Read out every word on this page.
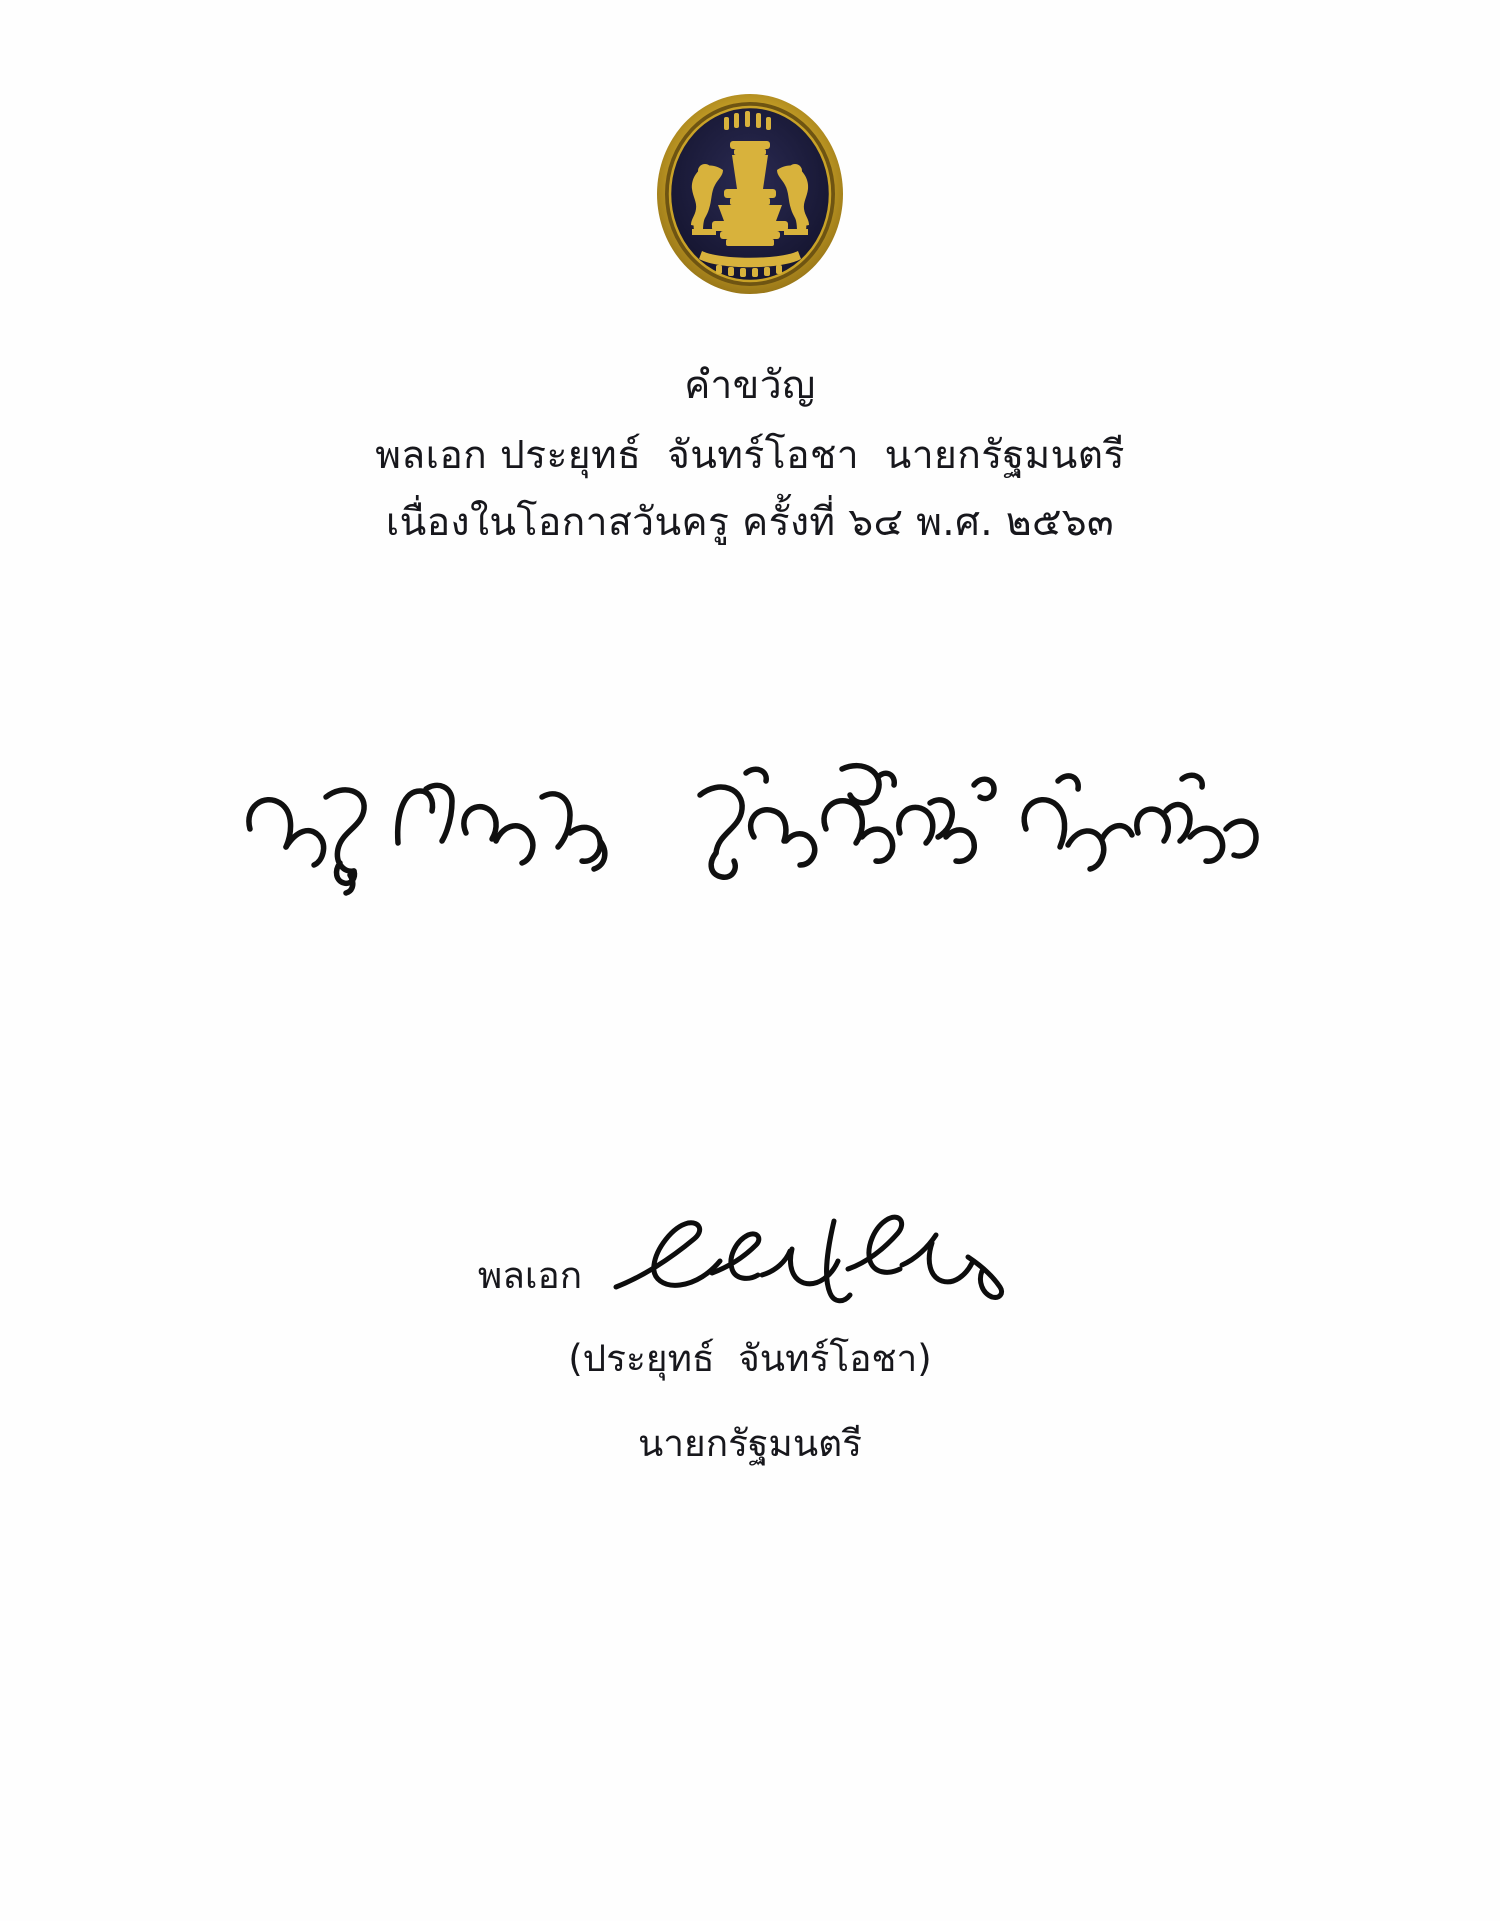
คำขวัญ
พลเอก ประยุทธ์  จันทร์โอชา  นายกรัฐมนตรี
เนื่องในโอกาสวันครู ครั้งที่ ๖๔ พ.ศ. ๒๕๖๓
พลเอก
(ประยุทธ์  จันทร์โอชา)
นายกรัฐมนตรี
